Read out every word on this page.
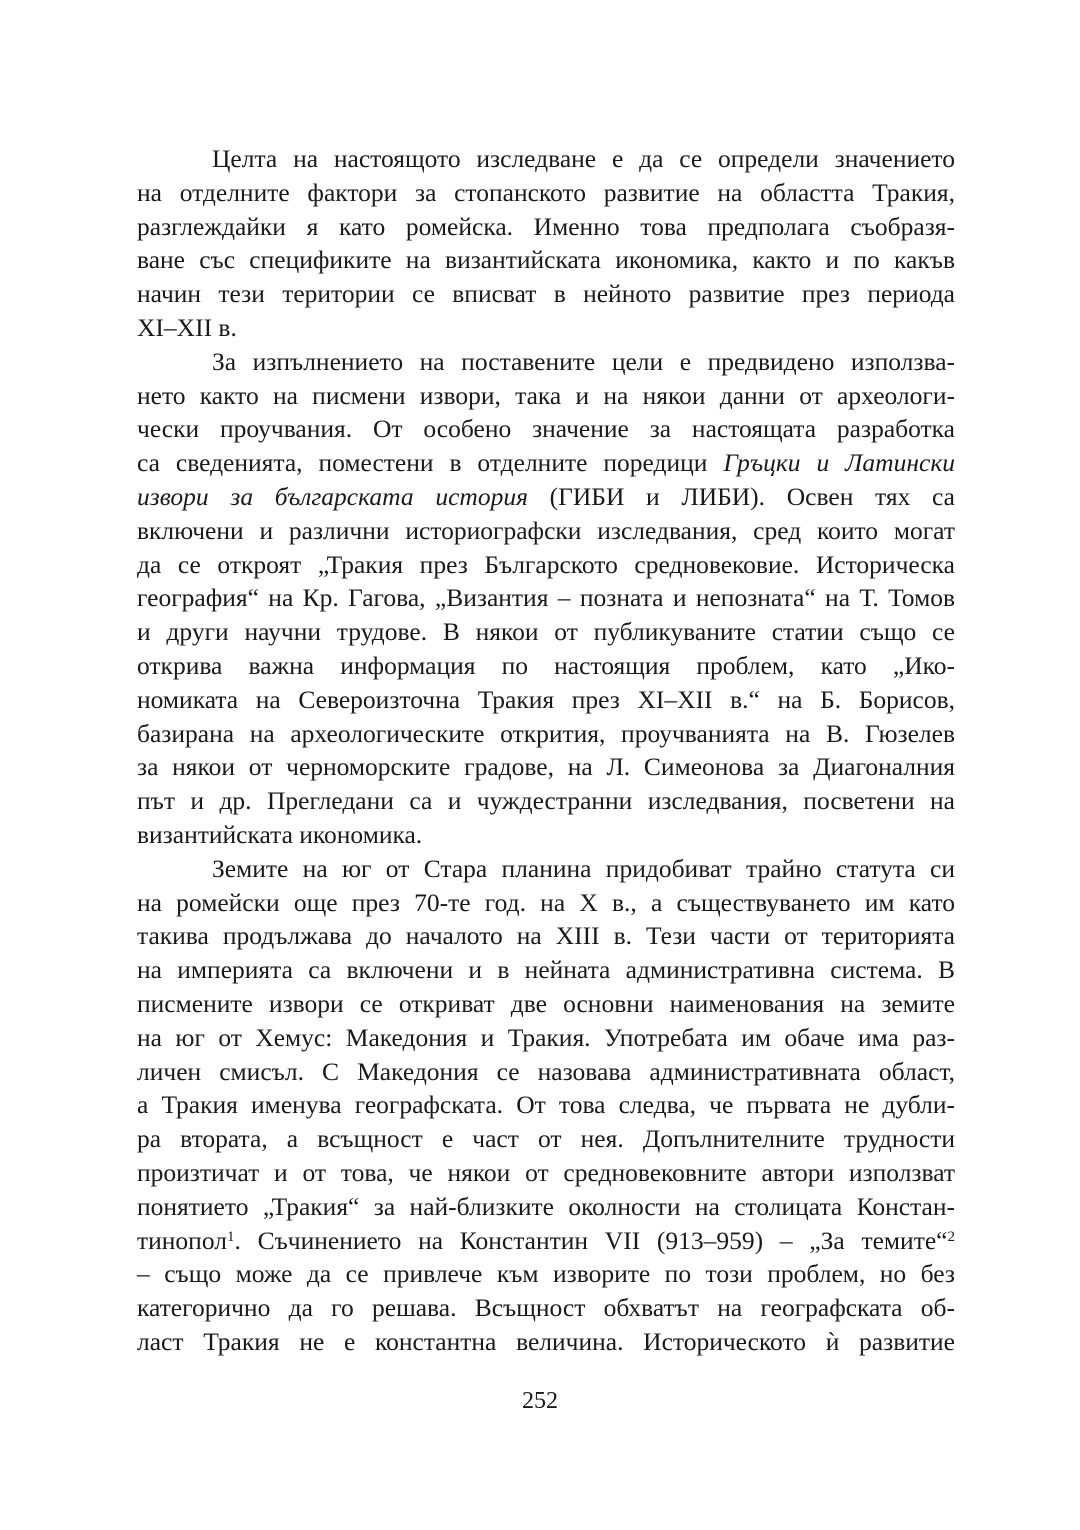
Целта на настоящото изследване е да се определи значението
на отделните фактори за стопанското развитие на областта Тракия,
разглеждайки я като ромейска. Именно това предполага съобразя-
ване със спецификите на византийската икономика, както и по какъв
начин тези територии се вписват в нейното развитие през периода
XI–XII в.
За изпълнението на поставените цели е предвидено използва-
нето както на писмени извори, така и на някои данни от археологи-
чески проучвания. От особено значение за настоящата разработка
са сведенията, поместени в отделните поредици Гръцки и Латински
извори за българската история (ГИБИ и ЛИБИ). Освен тях са
включени и различни историографски изследвания, сред които могат
да се откроят „Тракия през Българското средновековие. Историческа
география“ на Кр. Гагова, „Византия – позната и непозната“ на Т. Томов
и други научни трудове. В някои от публикуваните статии също се
открива важна информация по настоящия проблем, като „Ико-
номиката на Североизточна Тракия през XI–XII в.“ на Б. Борисов,
базирана на археологическите открития, проучванията на В. Гюзелев
за някои от черноморските градове, на Л. Симеонова за Диагоналния
път и др. Прегледани са и чуждестранни изследвания, посветени на
византийската икономика.
Земите на юг от Стара планина придобиват трайно статута си
на ромейски още през 70-те год. на X в., а съществуването им като
такива продължава до началото на XIII в. Тези части от територията
на империята са включени и в нейната административна система. В
писмените извори се откриват две основни наименования на земите
на юг от Хемус: Македония и Тракия. Употребата им обаче има раз-
личен смисъл. С Македония се назовава административната област,
а Тракия именува географската. От това следва, че първата не дубли-
ра втората, а всъщност е част от нея. Допълнителните трудности
произтичат и от това, че някои от средновековните автори използват
понятието „Тракия“ за най-близките околности на столицата Констан-
тинопол$^1$. Съчинението на Константин VII (913–959) – „За темите“$^2$
– също може да се привлече към изворите по този проблем, но без
категорично да го решава. Всъщност обхватът на географската об-
ласт Тракия не е константна величина. Историческото ѝ развитие
252
